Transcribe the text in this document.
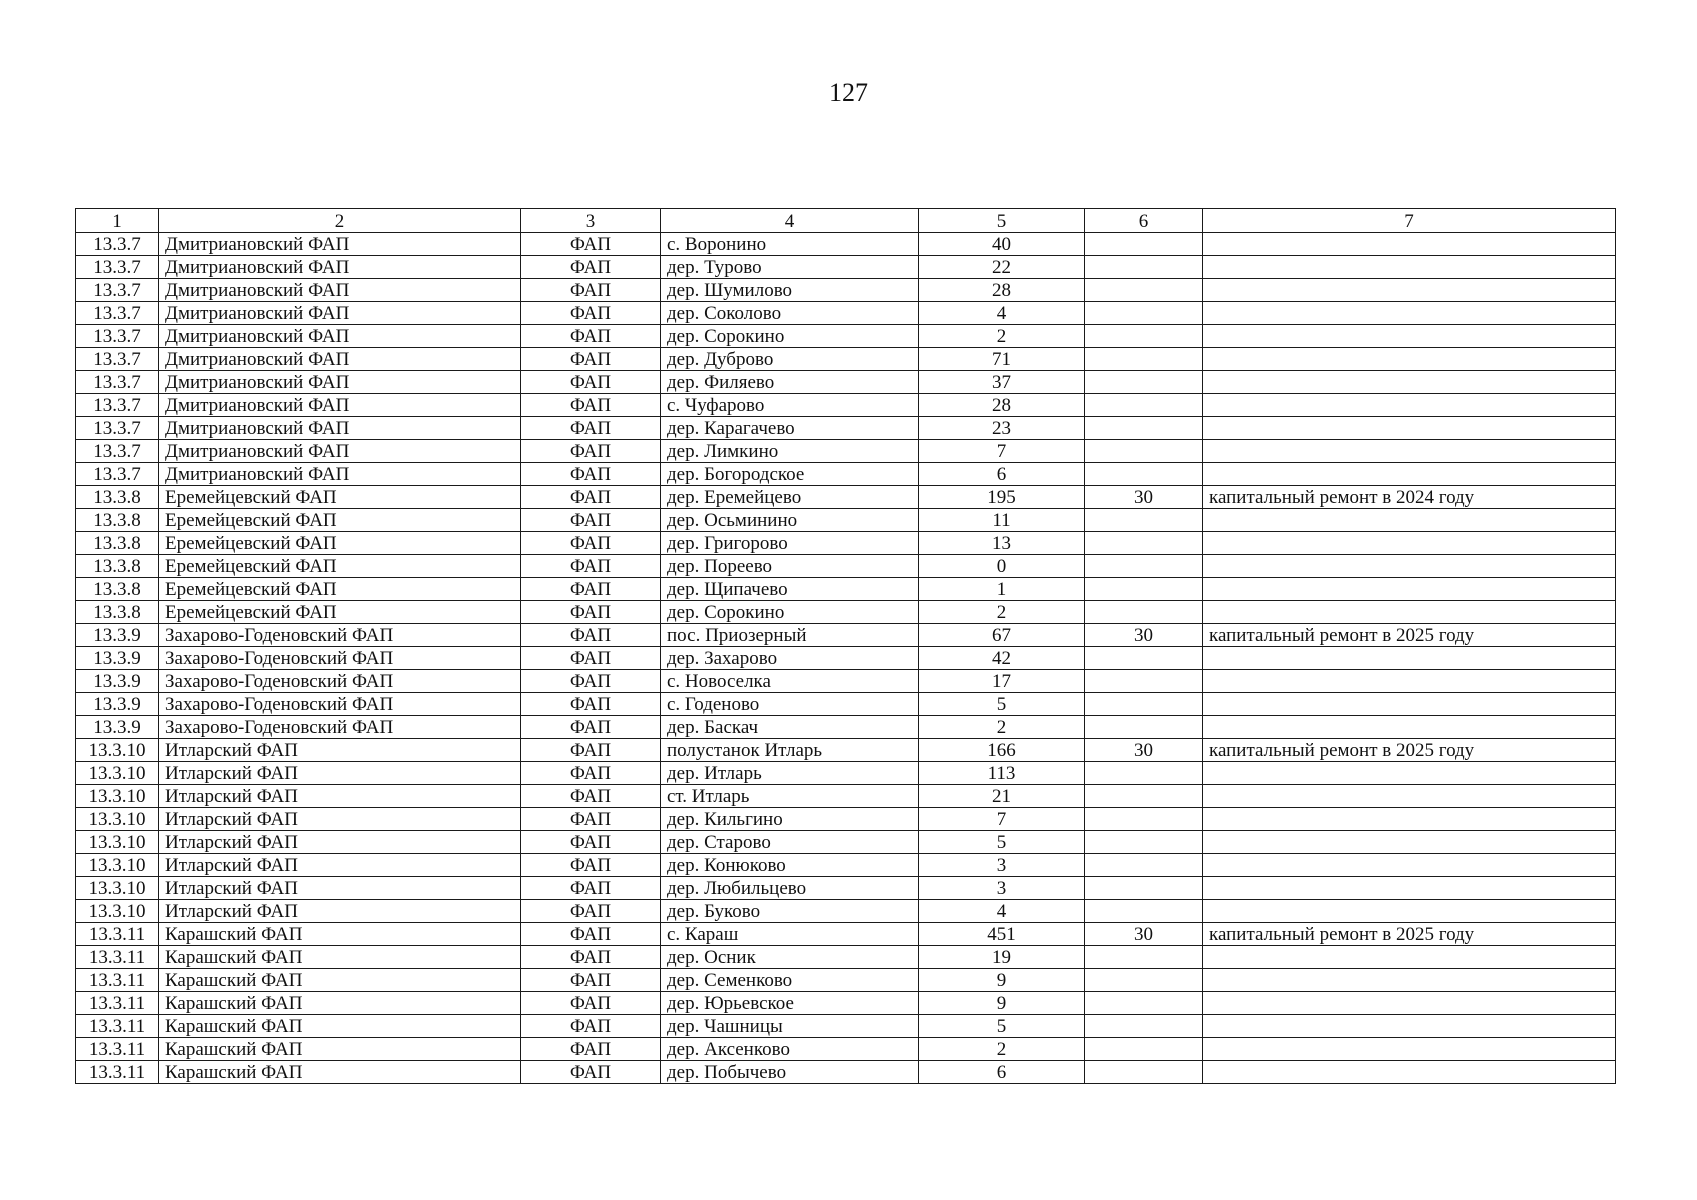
127
1	2	3	4	5	6	7
13.3.7	Дмитриановский ФАП	ФАП	с. Воронино	40		
13.3.7	Дмитриановский ФАП	ФАП	дер. Турово	22		
13.3.7	Дмитриановский ФАП	ФАП	дер. Шумилово	28		
13.3.7	Дмитриановский ФАП	ФАП	дер. Соколово	4		
13.3.7	Дмитриановский ФАП	ФАП	дер. Сорокино	2		
13.3.7	Дмитриановский ФАП	ФАП	дер. Дуброво	71		
13.3.7	Дмитриановский ФАП	ФАП	дер. Филяево	37		
13.3.7	Дмитриановский ФАП	ФАП	с. Чуфарово	28		
13.3.7	Дмитриановский ФАП	ФАП	дер. Карагачево	23		
13.3.7	Дмитриановский ФАП	ФАП	дер. Лимкино	7		
13.3.7	Дмитриановский ФАП	ФАП	дер. Богородское	6		
13.3.8	Еремейцевский ФАП	ФАП	дер. Еремейцево	195	30	капитальный ремонт в 2024 году
13.3.8	Еремейцевский ФАП	ФАП	дер. Осьминино	11		
13.3.8	Еремейцевский ФАП	ФАП	дер. Григорово	13		
13.3.8	Еремейцевский ФАП	ФАП	дер. Пореево	0		
13.3.8	Еремейцевский ФАП	ФАП	дер. Щипачево	1		
13.3.8	Еремейцевский ФАП	ФАП	дер. Сорокино	2		
13.3.9	Захарово-Годеновский ФАП	ФАП	пос. Приозерный	67	30	капитальный ремонт в 2025 году
13.3.9	Захарово-Годеновский ФАП	ФАП	дер. Захарово	42		
13.3.9	Захарово-Годеновский ФАП	ФАП	с. Новоселка	17		
13.3.9	Захарово-Годеновский ФАП	ФАП	с. Годеново	5		
13.3.9	Захарово-Годеновский ФАП	ФАП	дер. Баскач	2		
13.3.10	Итларский ФАП	ФАП	полустанок Итларь	166	30	капитальный ремонт в 2025 году
13.3.10	Итларский ФАП	ФАП	дер. Итларь	113		
13.3.10	Итларский ФАП	ФАП	ст. Итларь	21		
13.3.10	Итларский ФАП	ФАП	дер. Кильгино	7		
13.3.10	Итларский ФАП	ФАП	дер. Старово	5		
13.3.10	Итларский ФАП	ФАП	дер. Конюково	3		
13.3.10	Итларский ФАП	ФАП	дер. Любильцево	3		
13.3.10	Итларский ФАП	ФАП	дер. Буково	4		
13.3.11	Карашский ФАП	ФАП	с. Караш	451	30	капитальный ремонт в 2025 году
13.3.11	Карашский ФАП	ФАП	дер. Осник	19		
13.3.11	Карашский ФАП	ФАП	дер. Семенково	9		
13.3.11	Карашский ФАП	ФАП	дер. Юрьевское	9		
13.3.11	Карашский ФАП	ФАП	дер. Чашницы	5		
13.3.11	Карашский ФАП	ФАП	дер. Аксенково	2		
13.3.11	Карашский ФАП	ФАП	дер. Побычево	6		
